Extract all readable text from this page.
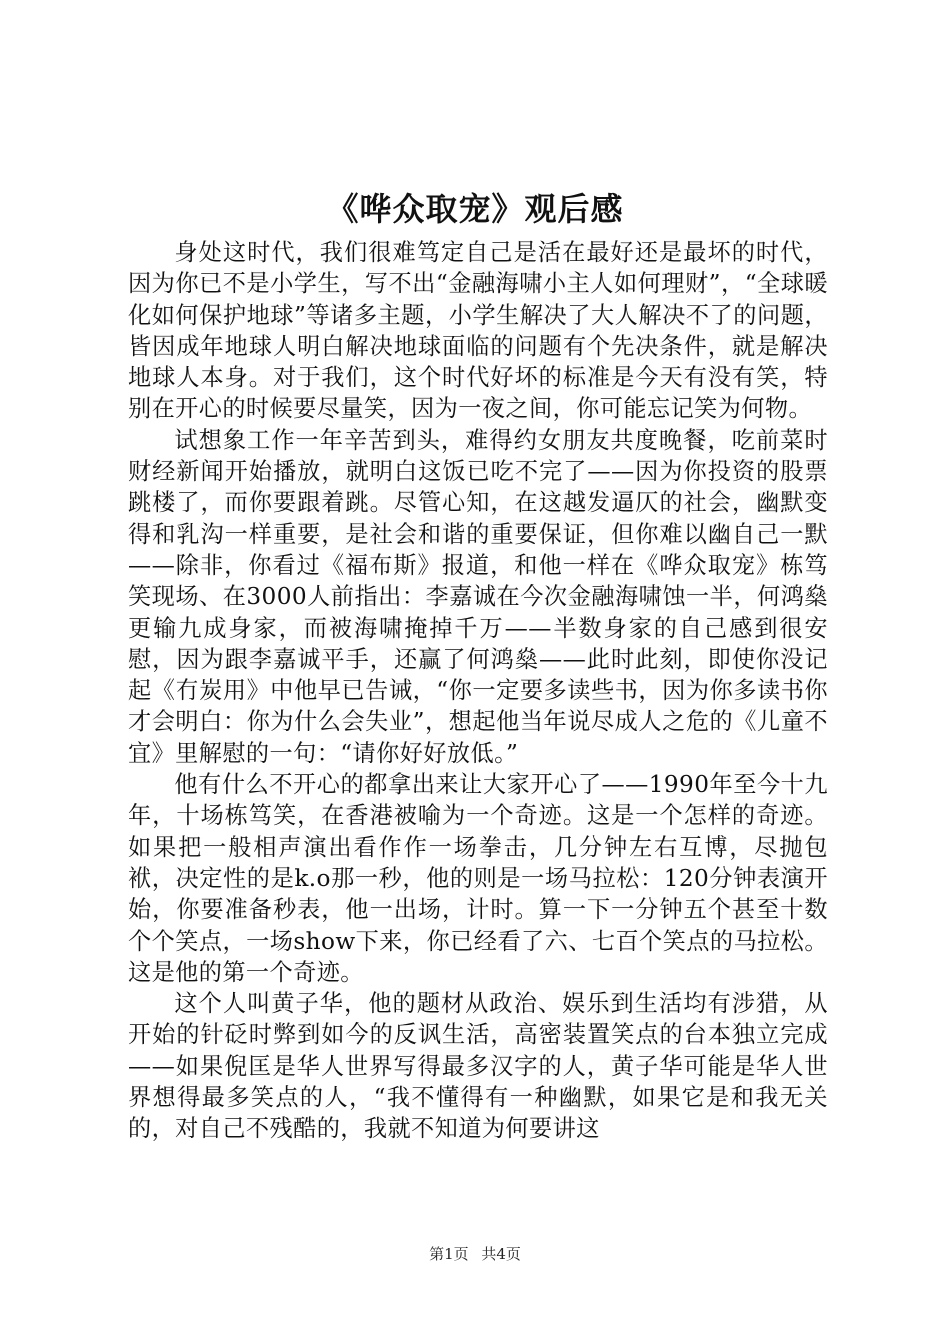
《哗众取宠》观后感

身处这时代，我们很难笃定自己是活在最好还是最坏的时代，因为你已不是小学生，写不出“金融海啸小主人如何理财”，“全球暖化如何保护地球”等诸多主题，小学生解决了大人解决不了的问题，皆因成年地球人明白解决地球面临的问题有个先决条件，就是解决地球人本身。对于我们，这个时代好坏的标准是今天有没有笑，特别在开心的时候要尽量笑，因为一夜之间，你可能忘记笑为何物。

试想象工作一年辛苦到头，难得约女朋友共度晚餐，吃前菜时财经新闻开始播放，就明白这饭已吃不完了——因为你投资的股票跳楼了，而你要跟着跳。尽管心知，在这越发逼仄的社会，幽默变得和乳沟一样重要，是社会和谐的重要保证，但你难以幽自己一默——除非，你看过《福布斯》报道，和他一样在《哗众取宠》栋笃笑现场、在3000人前指出：李嘉诚在今次金融海啸蚀一半，何鸿燊更输九成身家，而被海啸掩掉千万——半数身家的自己感到很安慰，因为跟李嘉诚平手，还赢了何鸿燊——此时此刻，即使你没记起《冇炭用》中他早已告诫，“你一定要多读些书，因为你多读书你才会明白：你为什么会失业”，想起他当年说尽成人之危的《儿童不宜》里解慰的一句：“请你好好放低。”

他有什么不开心的都拿出来让大家开心了——1990年至今十九年，十场栋笃笑，在香港被喻为一个奇迹。这是一个怎样的奇迹。如果把一般相声演出看作作一场拳击，几分钟左右互博，尽抛包袱，决定性的是k.o那一秒，他的则是一场马拉松：120分钟表演开始，你要准备秒表，他一出场，计时。算一下一分钟五个甚至十数个个笑点，一场show下来，你已经看了六、七百个笑点的马拉松。这是他的第一个奇迹。

这个人叫黄子华，他的题材从政治、娱乐到生活均有涉猎，从开始的针砭时弊到如今的反讽生活，高密装置笑点的台本独立完成——如果倪匡是华人世界写得最多汉字的人，黄子华可能是华人世界想得最多笑点的人，“我不懂得有一种幽默，如果它是和我无关的，对自己不残酷的，我就不知道为何要讲这

第1页 共4页
